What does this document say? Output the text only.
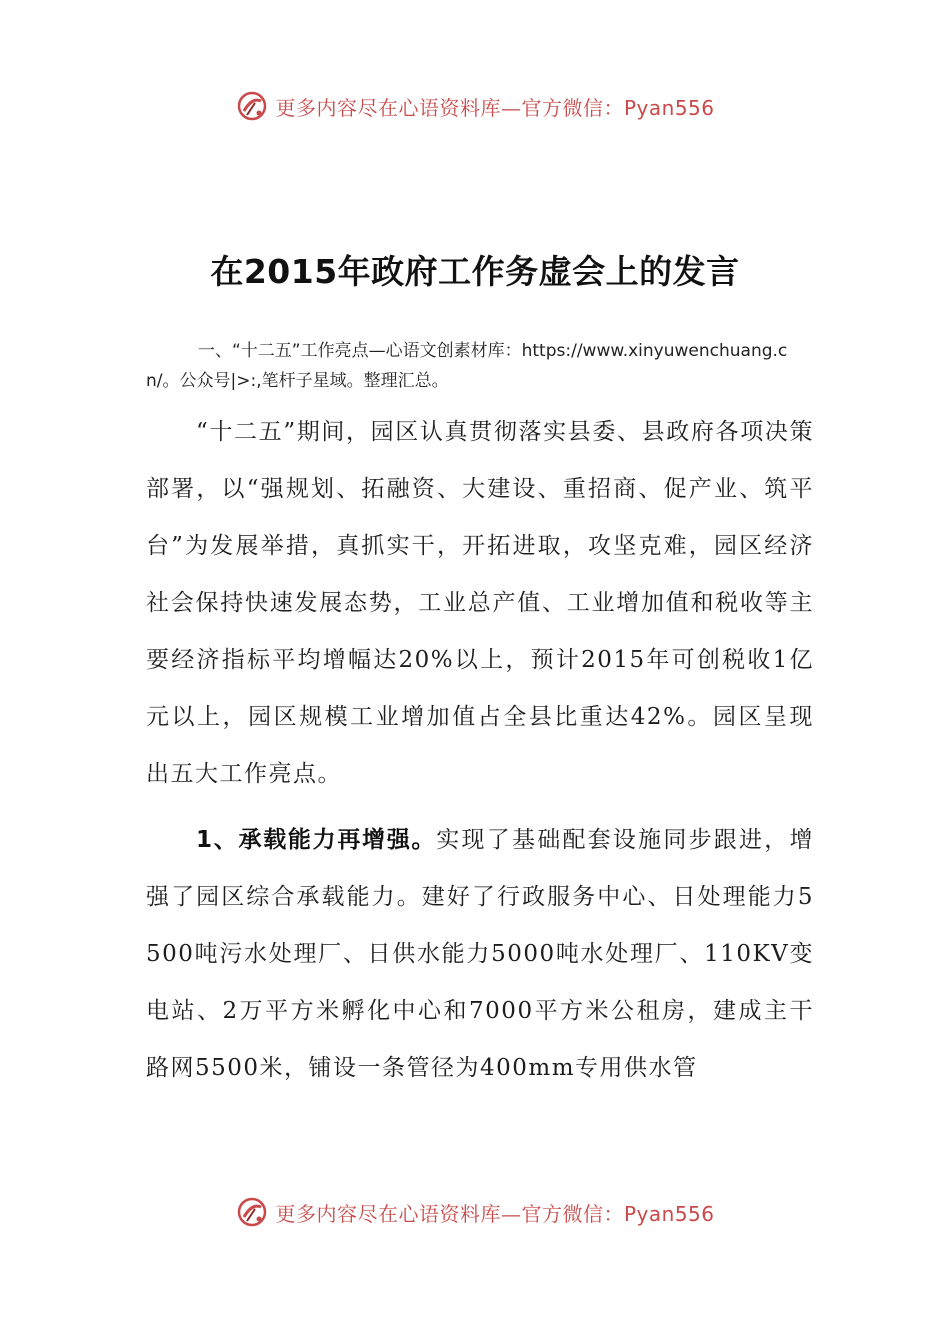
更多内容尽在心语资料库—官方微信：Pyan556
在2015年政府工作务虚会上的发言
一、“十二五”工作亮点—心语文创素材库：https://www.xinyuwenchuang.cn/。公众号|>:,笔杆子星域。整理汇总。
“十二五”期间，园区认真贯彻落实县委、县政府各项决策部署，以“强规划、拓融资、大建设、重招商、促产业、筑平台”为发展举措，真抓实干，开拓进取，攻坚克难，园区经济社会保持快速发展态势，工业总产值、工业增加值和税收等主要经济指标平均增幅达20%以上，预计2015年可创税收1亿元以上，园区规模工业增加值占全县比重达42%。园区呈现出五大工作亮点。
1、承载能力再增强。实现了基础配套设施同步跟进，增强了园区综合承载能力。建好了行政服务中心、日处理能力5500吨污水处理厂、日供水能力5000吨水处理厂、110KV变电站、2万平方米孵化中心和7000平方米公租房，建成主干路网5500米，铺设一条管径为400mm专用供水管
更多内容尽在心语资料库—官方微信：Pyan556
